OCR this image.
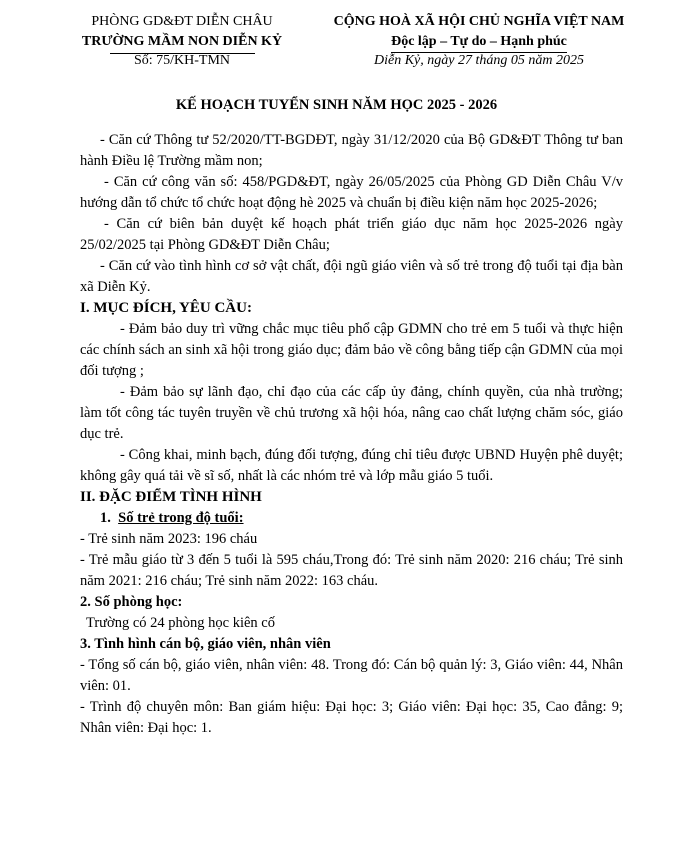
PHÒNG GD&ĐT DIỄN CHÂU
TRƯỜNG MẦM NON DIỄN KỶ
Số: 75/KH-TMN
CỘNG HOÀ XÃ HỘI CHỦ NGHĨA VIỆT NAM
Độc lập – Tự do – Hạnh phúc
Diễn Kỷ, ngày 27 tháng 05 năm 2025
KẾ HOẠCH TUYỂN SINH NĂM HỌC 2025 - 2026

- Căn cứ Thông tư 52/2020/TT-BGDĐT, ngày 31/12/2020 của Bộ GD&ĐT Thông tư ban hành Điều lệ Trường mầm non;

- Căn cứ công văn số: 458/PGD&ĐT, ngày 26/05/2025 của Phòng GD Diễn Châu V/v hướng dẫn tổ chức tổ chức hoạt động hè 2025 và chuẩn bị điều kiện năm học 2025-2026;

- Căn cứ biên bản duyệt kế hoạch phát triển giáo dục năm học 2025-2026 ngày 25/02/2025 tại Phòng GD&ĐT Diễn Châu;

- Căn cứ vào tình hình cơ sở vật chất, đội ngũ giáo viên và số trẻ trong độ tuổi tại địa bàn xã Diễn Kỷ.

I. MỤC ĐÍCH, YÊU CẦU:

- Đảm bảo duy trì vững chắc mục tiêu phổ cập GDMN cho trẻ em 5 tuổi và thực hiện các chính sách an sinh xã hội trong giáo dục; đảm bảo về công bằng tiếp cận GDMN của mọi đối tượng ;

- Đảm bảo sự lãnh đạo, chỉ đạo của các cấp ủy đảng, chính quyền, của nhà trường; làm tốt công tác tuyên truyền về chủ trương xã hội hóa, nâng cao chất lượng chăm sóc, giáo dục trẻ.

- Công khai, minh bạch, đúng đối tượng, đúng chỉ tiêu được UBND Huyện phê duyệt; không gây quá tải về sĩ số, nhất là các nhóm trẻ và lớp mẫu giáo 5 tuổi.

II. ĐẶC ĐIỂM TÌNH HÌNH

1. Số trẻ trong độ tuổi:

- Trẻ sinh năm 2023: 196 cháu

- Trẻ mẫu giáo từ 3 đến 5 tuổi là 595 cháu,Trong đó: Trẻ sinh năm 2020: 216 cháu; Trẻ sinh năm 2021: 216 cháu; Trẻ sinh năm 2022: 163 cháu.

2. Số phòng học:

Trường có 24 phòng học kiên cố

3. Tình hình cán bộ, giáo viên, nhân viên

- Tổng số cán bộ, giáo viên, nhân viên: 48. Trong đó: Cán bộ quản lý: 3, Giáo viên: 44, Nhân viên: 01.

- Trình độ chuyên môn: Ban giám hiệu: Đại học: 3; Giáo viên: Đại học: 35, Cao đẳng: 9; Nhân viên: Đại học: 1.
